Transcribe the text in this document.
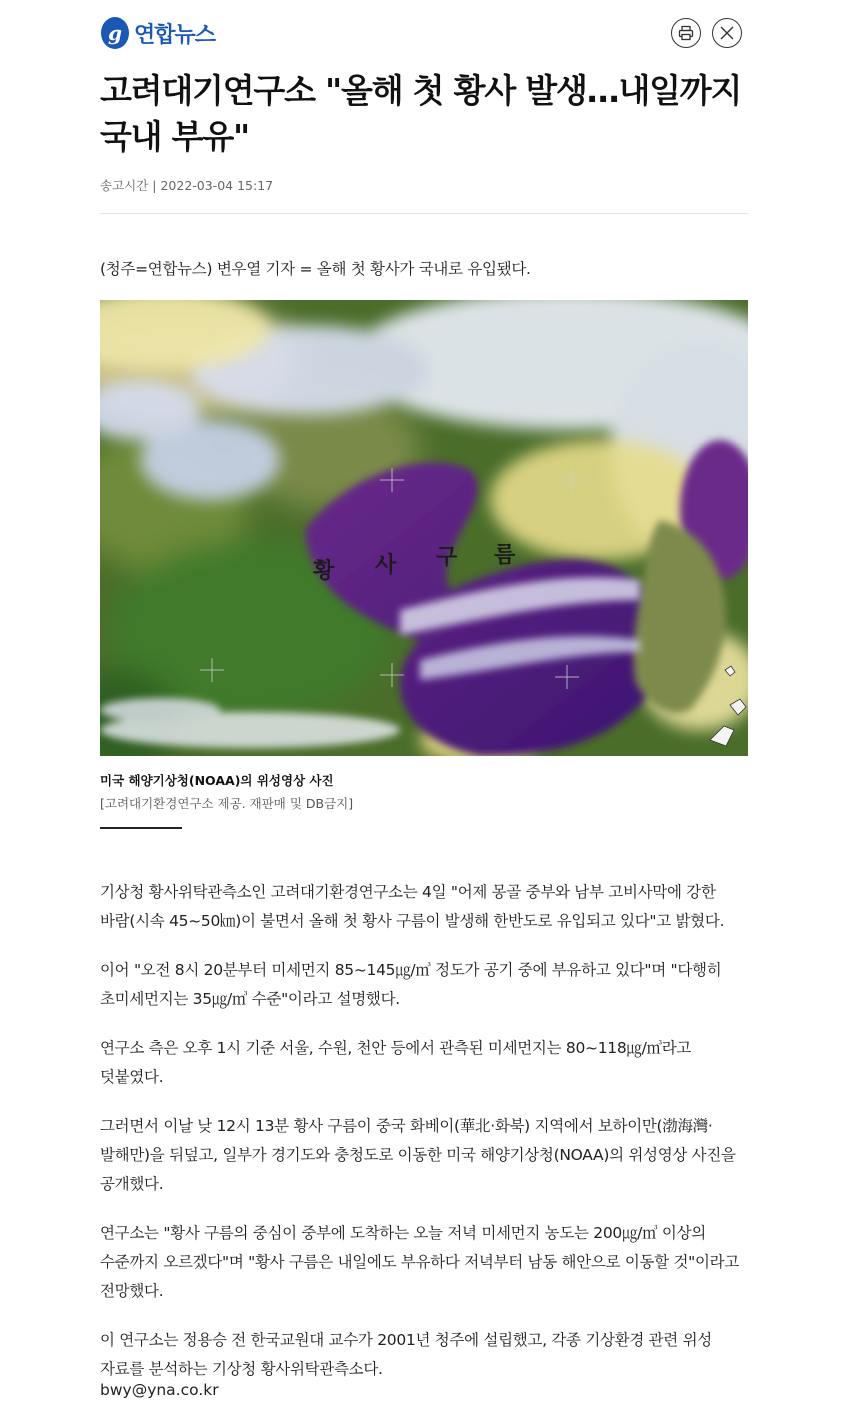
g 연합뉴스
고려대기연구소 "올해 첫 황사 발생…내일까지 국내 부유"
송고시간 | 2022-03-04 15:17
(청주=연합뉴스) 변우열 기자 = 올해 첫 황사가 국내로 유입됐다.
황 사 구 름
미국 해양기상청(NOAA)의 위성영상 사진
[고려대기환경연구소 제공. 재판매 및 DB금지]

기상청 황사위탁관측소인 고려대기환경연구소는 4일 "어제 몽골 중부와 남부 고비사막에 강한 바람(시속 45~50㎞)이 불면서 올해 첫 황사 구름이 발생해 한반도로 유입되고 있다"고 밝혔다.

이어 "오전 8시 20분부터 미세먼지 85~145㎍/㎥ 정도가 공기 중에 부유하고 있다"며 "다행히 초미세먼지는 35㎍/㎥ 수준"이라고 설명했다.

연구소 측은 오후 1시 기준 서울, 수원, 천안 등에서 관측된 미세먼지는 80~118㎍/㎥라고 덧붙였다.

그러면서 이날 낮 12시 13분 황사 구름이 중국 화베이(華北·화북) 지역에서 보하이만(渤海灣·발해만)을 뒤덮고, 일부가 경기도와 충청도로 이동한 미국 해양기상청(NOAA)의 위성영상 사진을 공개했다.

연구소는 "황사 구름의 중심이 중부에 도착하는 오늘 저녁 미세먼지 농도는 200㎍/㎥ 이상의 수준까지 오르겠다"며 "황사 구름은 내일에도 부유하다 저녁부터 남동 해안으로 이동할 것"이라고 전망했다.

이 연구소는 정용승 전 한국교원대 교수가 2001년 청주에 설립했고, 각종 기상환경 관련 위성 자료를 분석하는 기상청 황사위탁관측소다.

bwy@yna.co.kr
